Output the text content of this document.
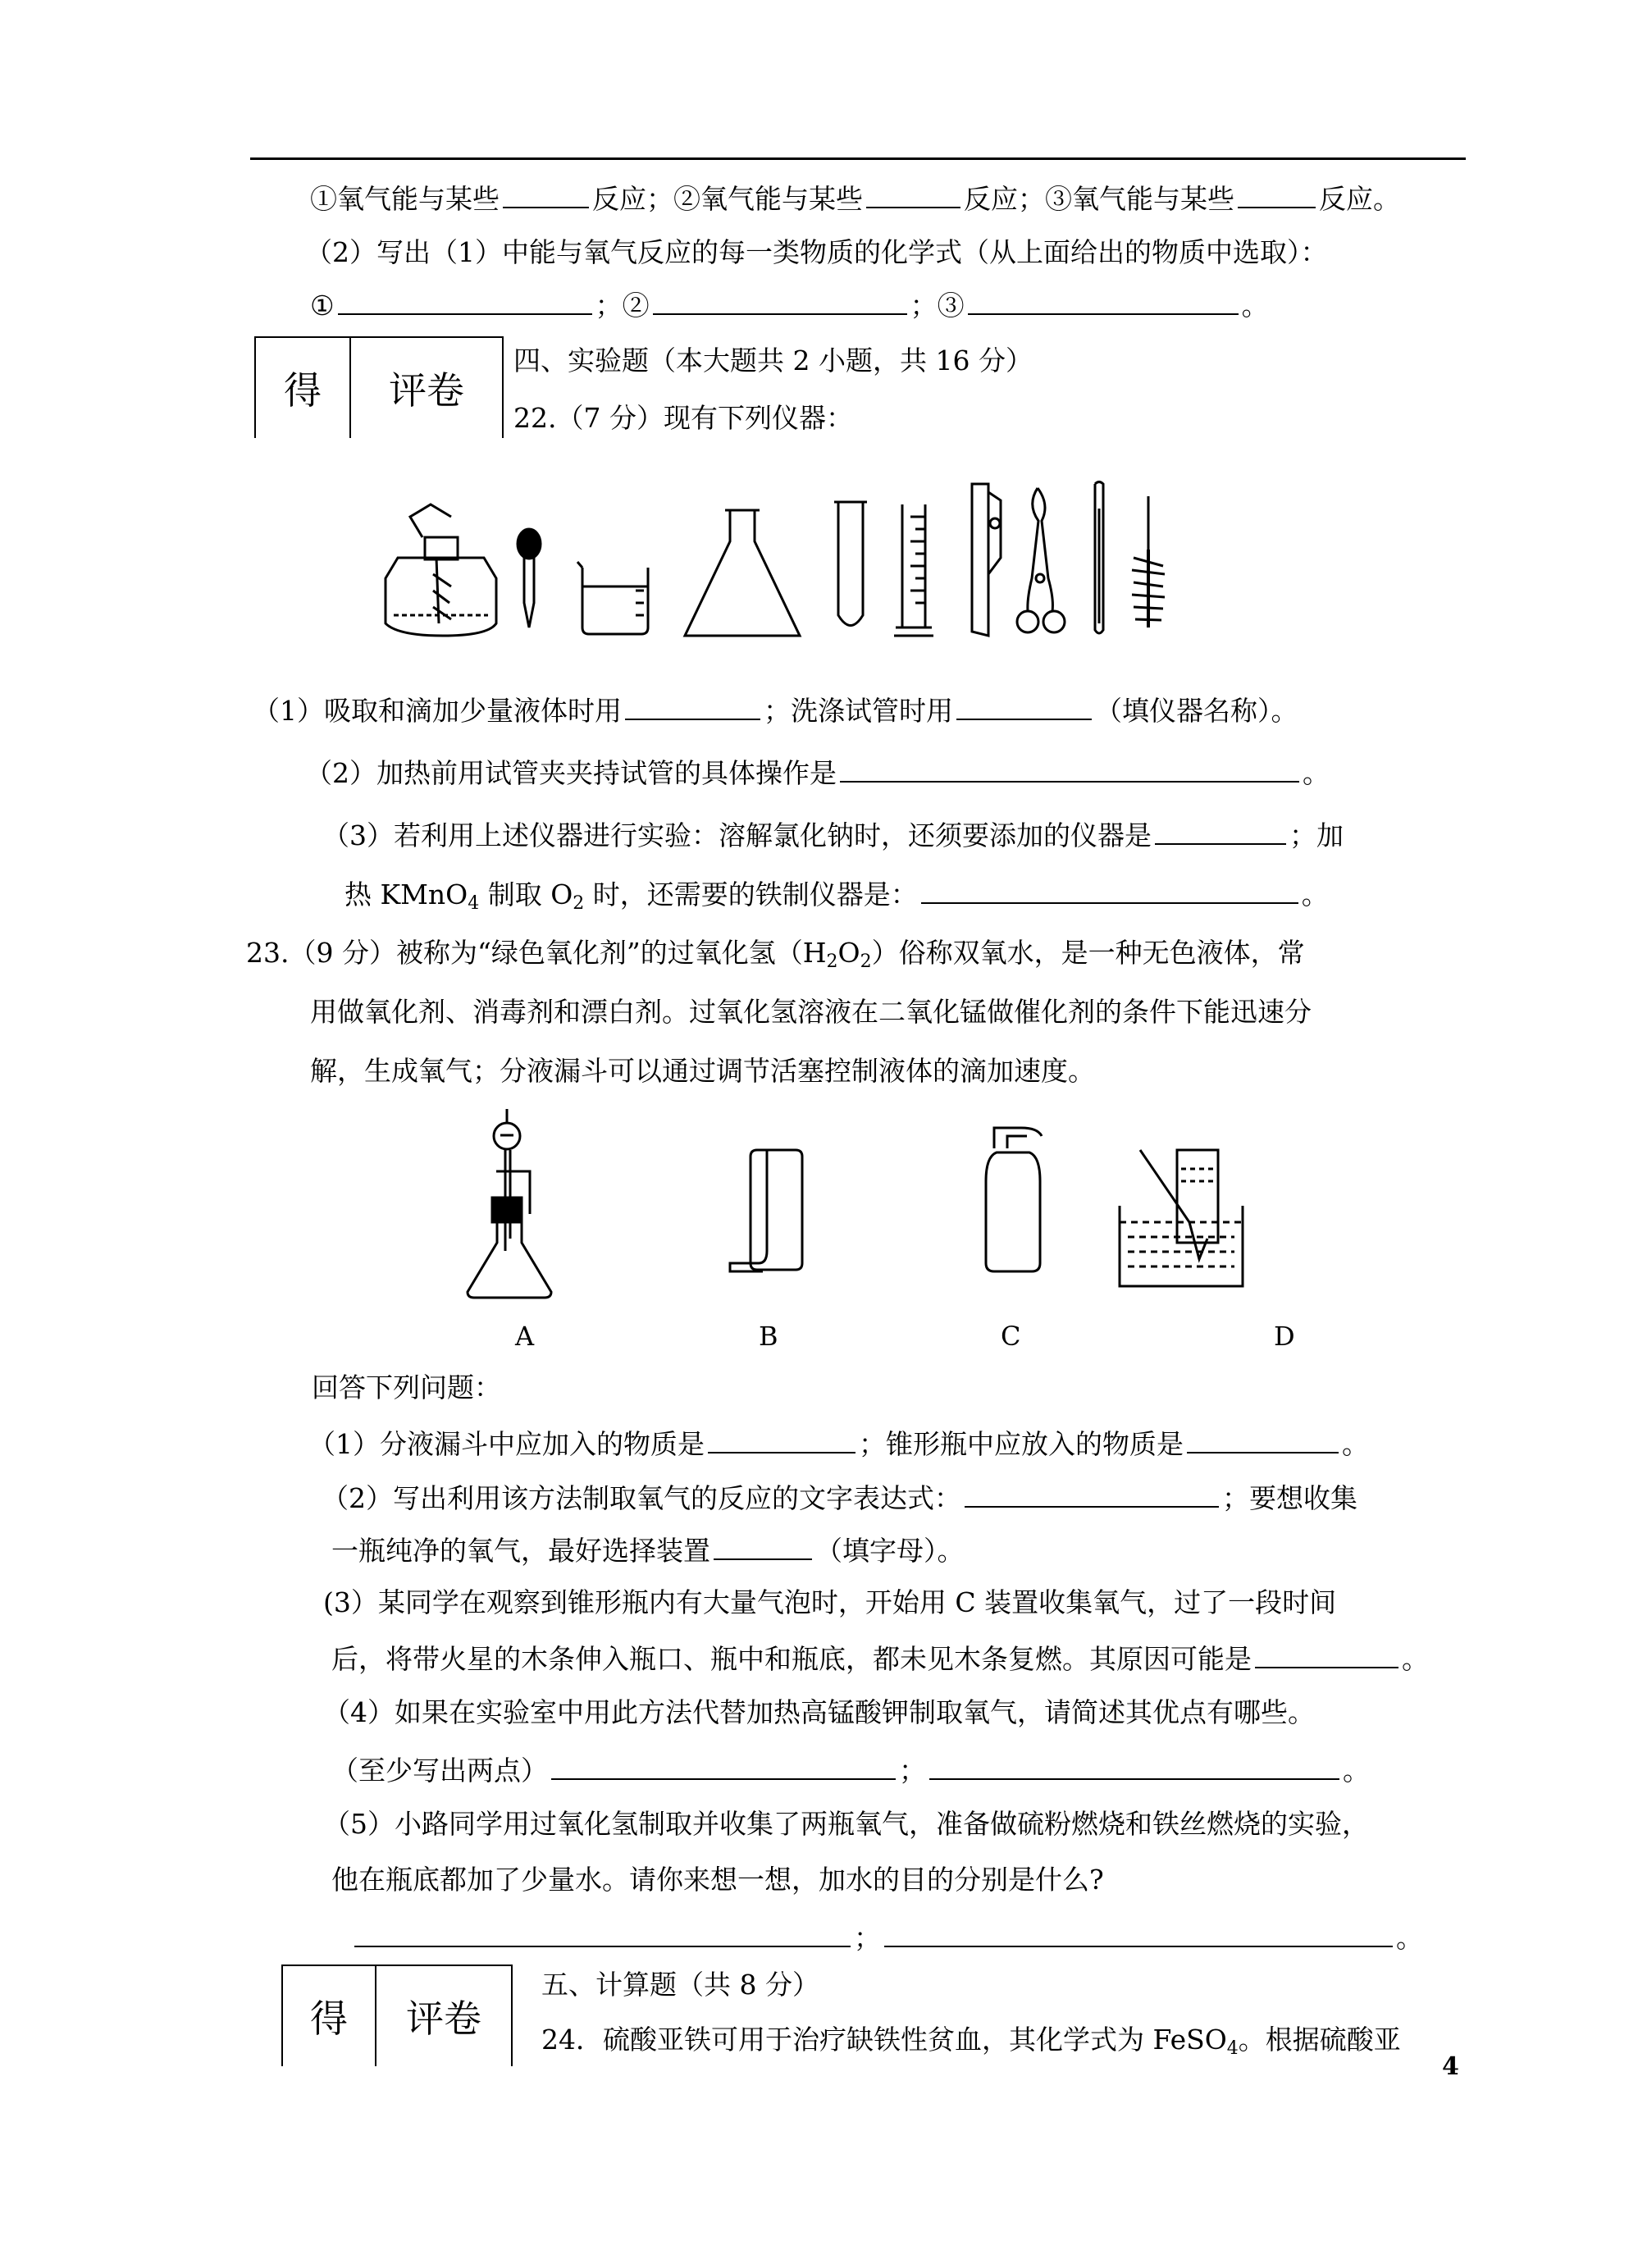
①氧气能与某些	反应；②氧气能与某些	反应；③氧气能与某些	反应。
（2）写出（1）中能与氧气反应的每一类物质的化学式（从上面给出的物质中选取）：
①	；②	；③	。
得	评卷
四、实验题（本大题共 2 小题，共 16 分）
22.（7 分）现有下列仪器：
（1）吸取和滴加少量液体时用	；洗涤试管时用	（填仪器名称）。
（2）加热前用试管夹夹持试管的具体操作是	。
（3）若利用上述仪器进行实验：溶解氯化钠时，还须要添加的仪器是	；加
热 KMnO$_4$ 制取 $O_2$ 时，还需要的铁制仪器是：	。
23.（9 分）被称为“绿色氧化剂”的过氧化氢$(H_2O_2)$俗称双氧水，是一种无色液体，常
用做氧化剂、消毒剂和漂白剂。过氧化氢溶液在二氧化锰做催化剂的条件下能迅速分
解，生成氧气；分液漏斗可以通过调节活塞控制液体的滴加速度。
A	B	C	D
回答下列问题：
（1）分液漏斗中应加入的物质是	；锥形瓶中应放入的物质是	。
（2）写出利用该方法制取氧气的反应的文字表达式：	；要想收集
一瓶纯净的氧气，最好选择装置	（填字母）。
(3）某同学在观察到锥形瓶内有大量气泡时，开始用 C 装置收集氧气，过了一段时间
后，将带火星的木条伸入瓶口、瓶中和瓶底，都未见木条复燃。其原因可能是	。
（4）如果在实验室中用此方法代替加热高锰酸钾制取氧气，请简述其优点有哪些。
（至少写出两点）	；	。
（5）小路同学用过氧化氢制取并收集了两瓶氧气，准备做硫粉燃烧和铁丝燃烧的实验，
他在瓶底都加了少量水。请你来想一想，加水的目的分别是什么?
；	。
得	评卷
五、计算题（共 8 分）
24．硫酸亚铁可用于治疗缺铁性贫血，其化学式为 FeSO$_4$。根据硫酸亚
4
